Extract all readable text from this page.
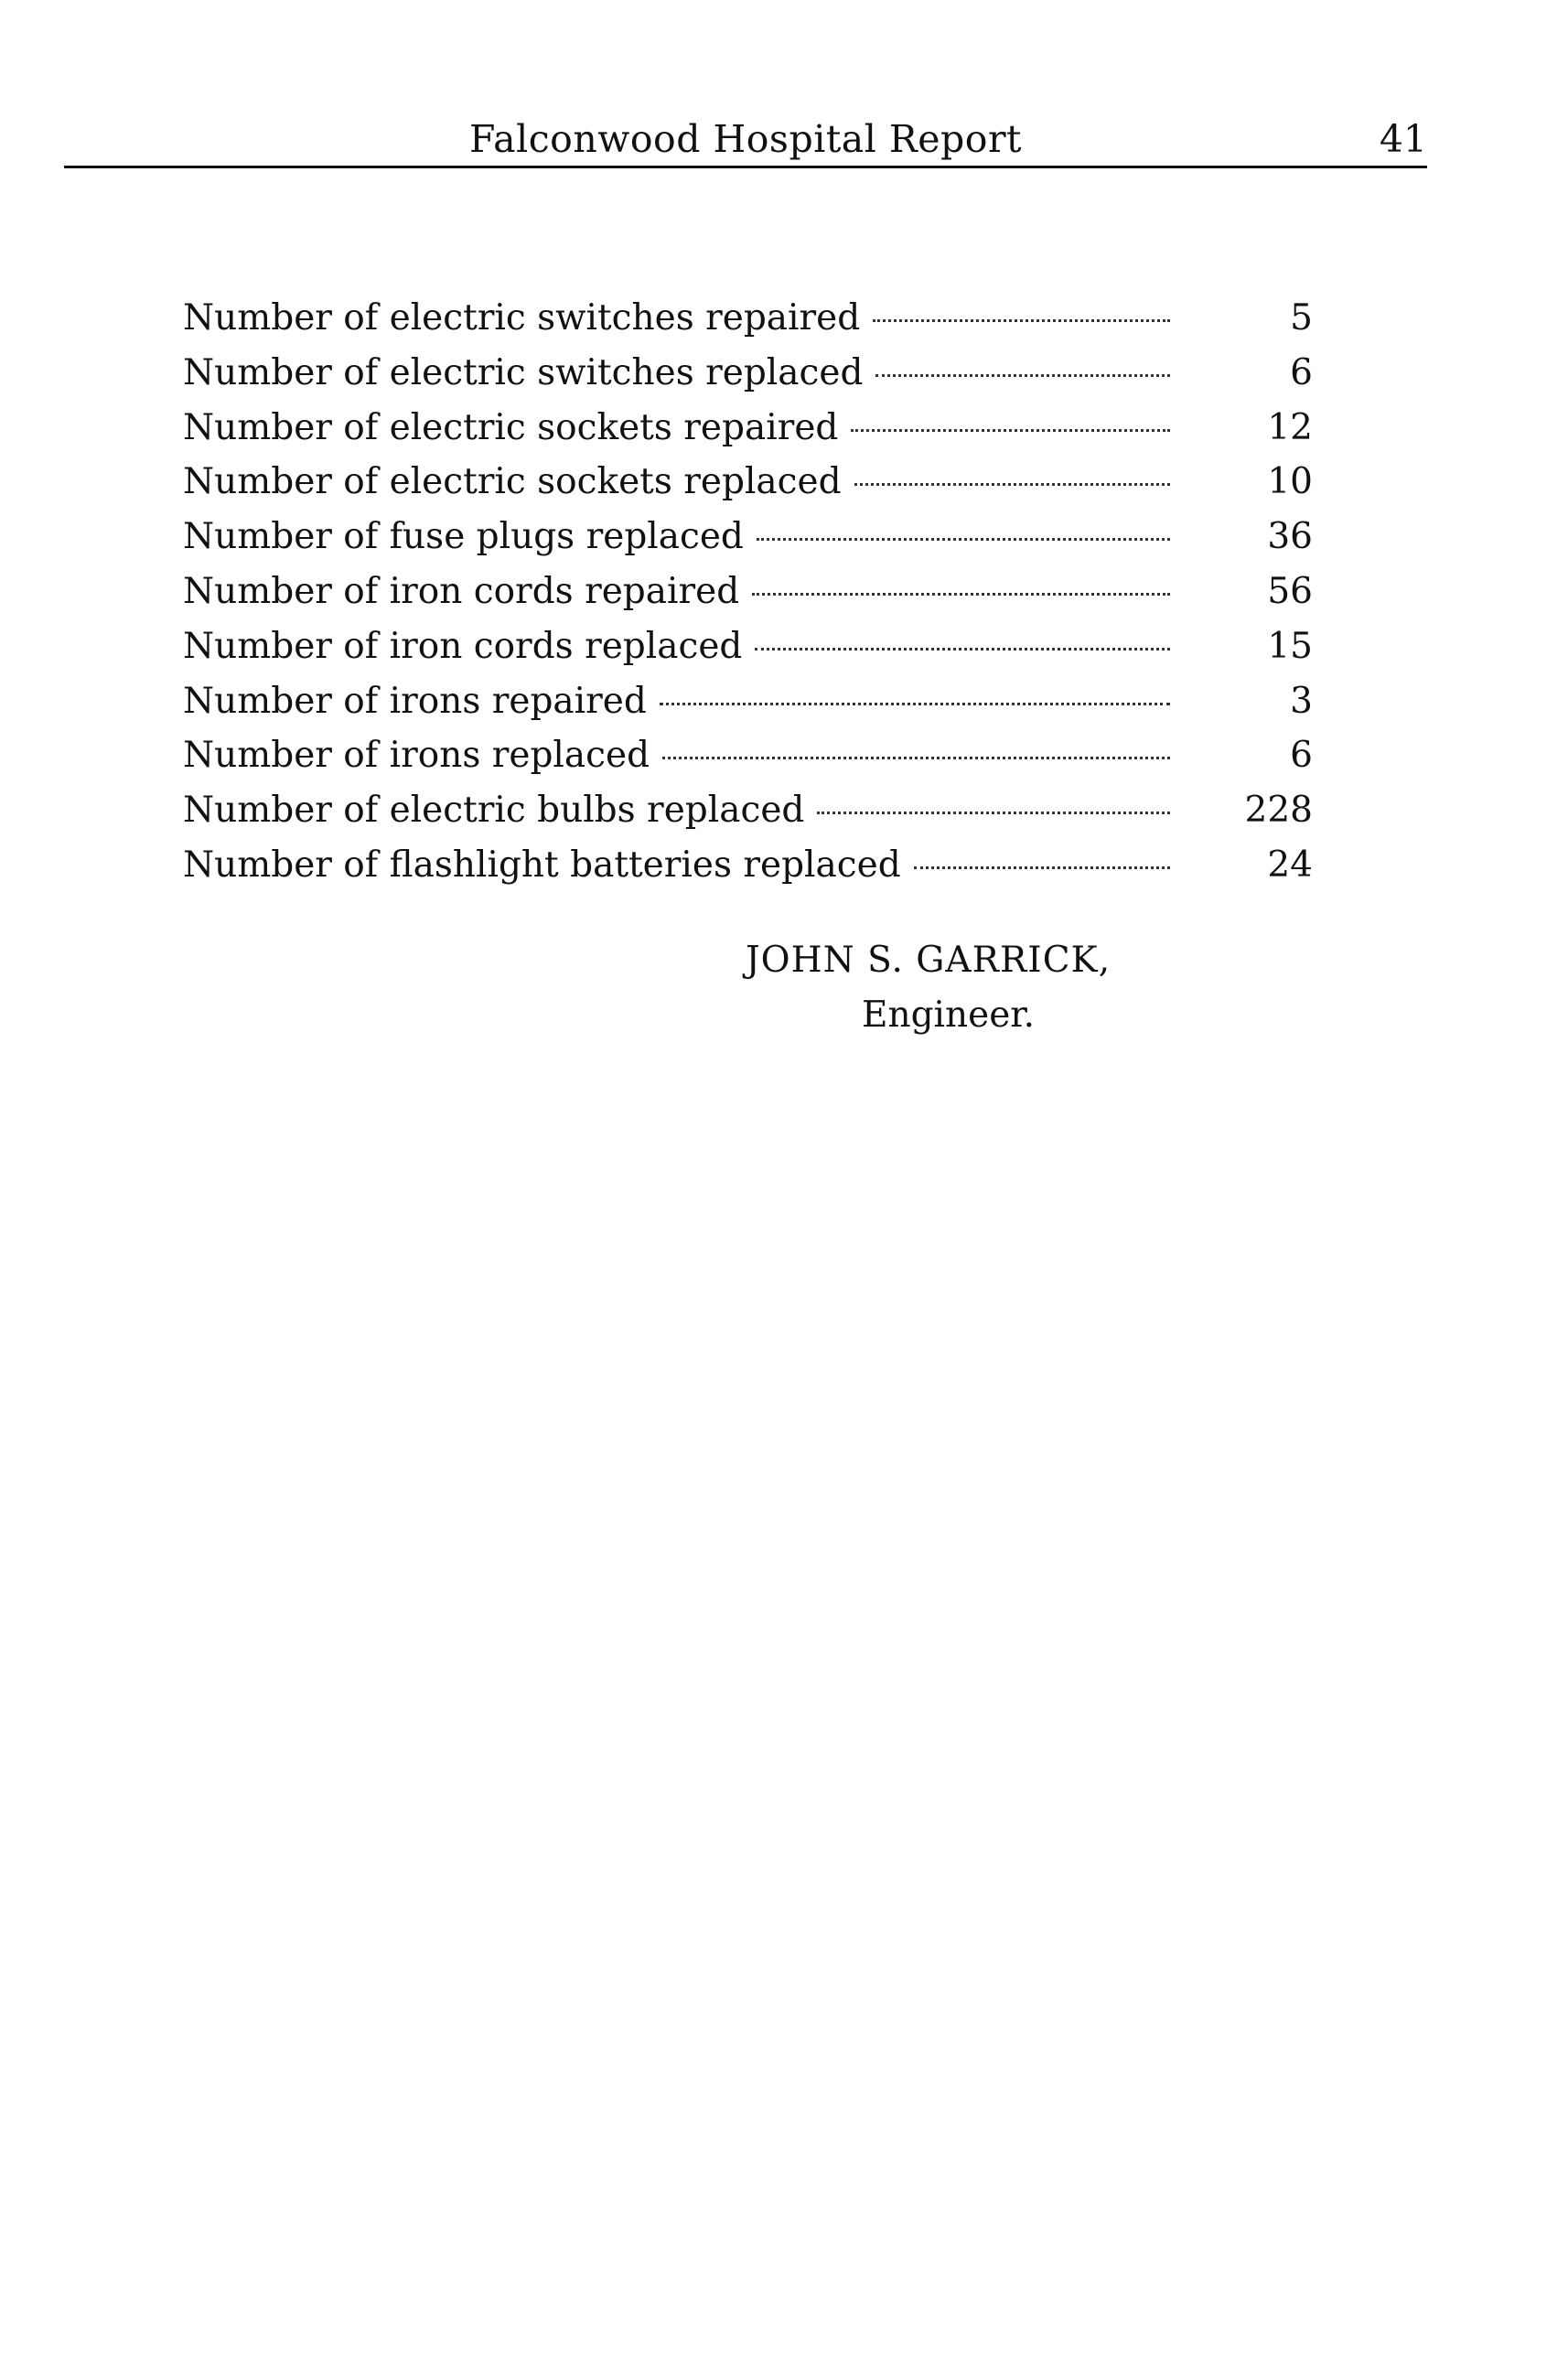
Falconwood Hospital Report	41
Number of electric switches repaired	5
Number of electric switches replaced	6
Number of electric sockets repaired	12
Number of electric sockets replaced	10
Number of fuse plugs replaced	36
Number of iron cords repaired	56
Number of iron cords replaced	15
Number of irons repaired	3
Number of irons replaced	6
Number of electric bulbs replaced	228
Number of flashlight batteries replaced	24
JOHN S. GARRICK,
Engineer.
